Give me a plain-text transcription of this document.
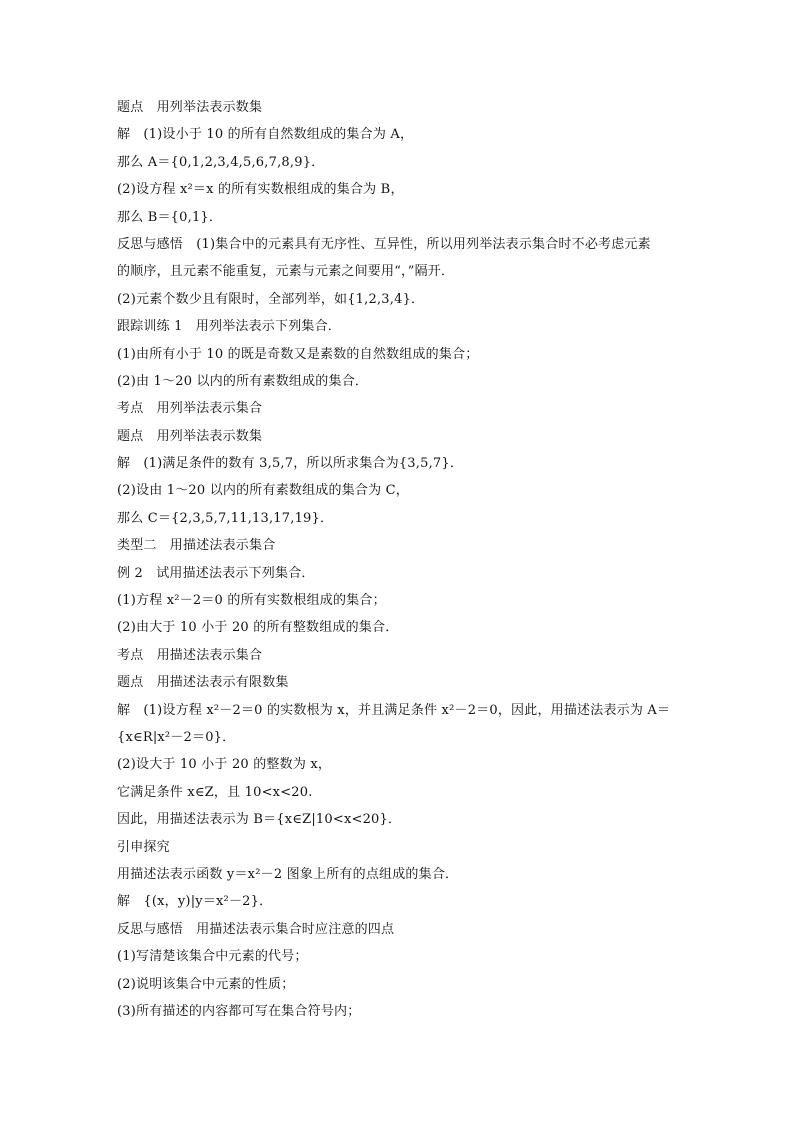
题点　用列举法表示数集
解　(1)设小于 10 的所有自然数组成的集合为 A，
那么 A＝{0,1,2,3,4,5,6,7,8,9}．
(2)设方程 x²＝x 的所有实数根组成的集合为 B，
那么 B＝{0,1}．
反思与感悟　(1)集合中的元素具有无序性、互异性，所以用列举法表示集合时不必考虑元素
的顺序，且元素不能重复，元素与元素之间要用“，”隔开．
(2)元素个数少且有限时，全部列举，如{1,2,3,4}．
跟踪训练 1　用列举法表示下列集合．
(1)由所有小于 10 的既是奇数又是素数的自然数组成的集合；
(2)由 1～20 以内的所有素数组成的集合．
考点　用列举法表示集合
题点　用列举法表示数集
解　(1)满足条件的数有 3,5,7，所以所求集合为{3,5,7}．
(2)设由 1～20 以内的所有素数组成的集合为 C，
那么 C＝{2,3,5,7,11,13,17,19}．
类型二　用描述法表示集合
例 2　试用描述法表示下列集合．
(1)方程 x²－2＝0 的所有实数根组成的集合；
(2)由大于 10 小于 20 的所有整数组成的集合．
考点　用描述法表示集合
题点　用描述法表示有限数集
解　(1)设方程 x²－2＝0 的实数根为 x，并且满足条件 x²－2＝0，因此，用描述法表示为 A＝
{x∈R|x²－2＝0}．
(2)设大于 10 小于 20 的整数为 x，
它满足条件 x∈Z，且 10<x<20.
因此，用描述法表示为 B＝{x∈Z|10<x<20}．
引申探究
用描述法表示函数 y＝x²－2 图象上所有的点组成的集合．
解　{(x，y)|y＝x²－2}．
反思与感悟　用描述法表示集合时应注意的四点
(1)写清楚该集合中元素的代号；
(2)说明该集合中元素的性质；
(3)所有描述的内容都可写在集合符号内；
